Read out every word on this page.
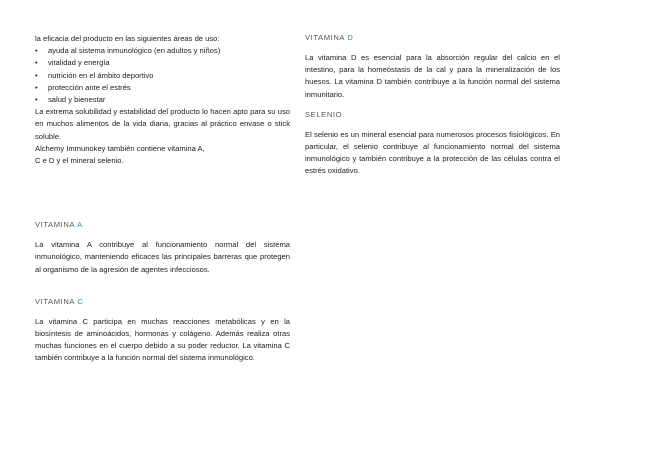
la eficacia del producto en las siguientes áreas de uso:

• ayuda al sistema inmunológico (en adultos y niños)
• vitalidad y energía
• nutrición en el ámbito deportivo
• protección ante el estrés
• salud y bienestar

La extrema solubilidad y estabilidad del producto lo hacen apto para su uso en muchos alimentos de la vida diaria, gracias al práctico envase o stick soluble.

Alchemy Immunokey también contiene vitamina A,

C e D y el mineral selenio.

VITAMINA A

La vitamina A contribuye al funcionamiento normal del sistema inmunológico, manteniendo eficaces las principales barreras que protegen al organismo de la agresión de agentes infecciosos.

VITAMINA C

La vitamina C participa en muchas reacciones metabólicas y en la biosíntesis de aminoácidos, hormonas y colágeno. Además realiza otras muchas funciones en el cuerpo debido a su poder reductor. La vitamina C también contribuye a la función normal del sistema inmunológico.

VITAMINA D

La vitamina D es esencial para la absorción regular del calcio en el intestino, para la homeóstasis de la cal y para la mineralización de los huesos. La vitamina D también contribuye a la función normal del sistema inmunitario.

SELENIO

El selenio es un mineral esencial para numerosos procesos fisiológicos. En particular, el selenio contribuye al funcionamiento normal del sistema inmunológico y también contribuye a la protección de las células contra el estrés oxidativo.
